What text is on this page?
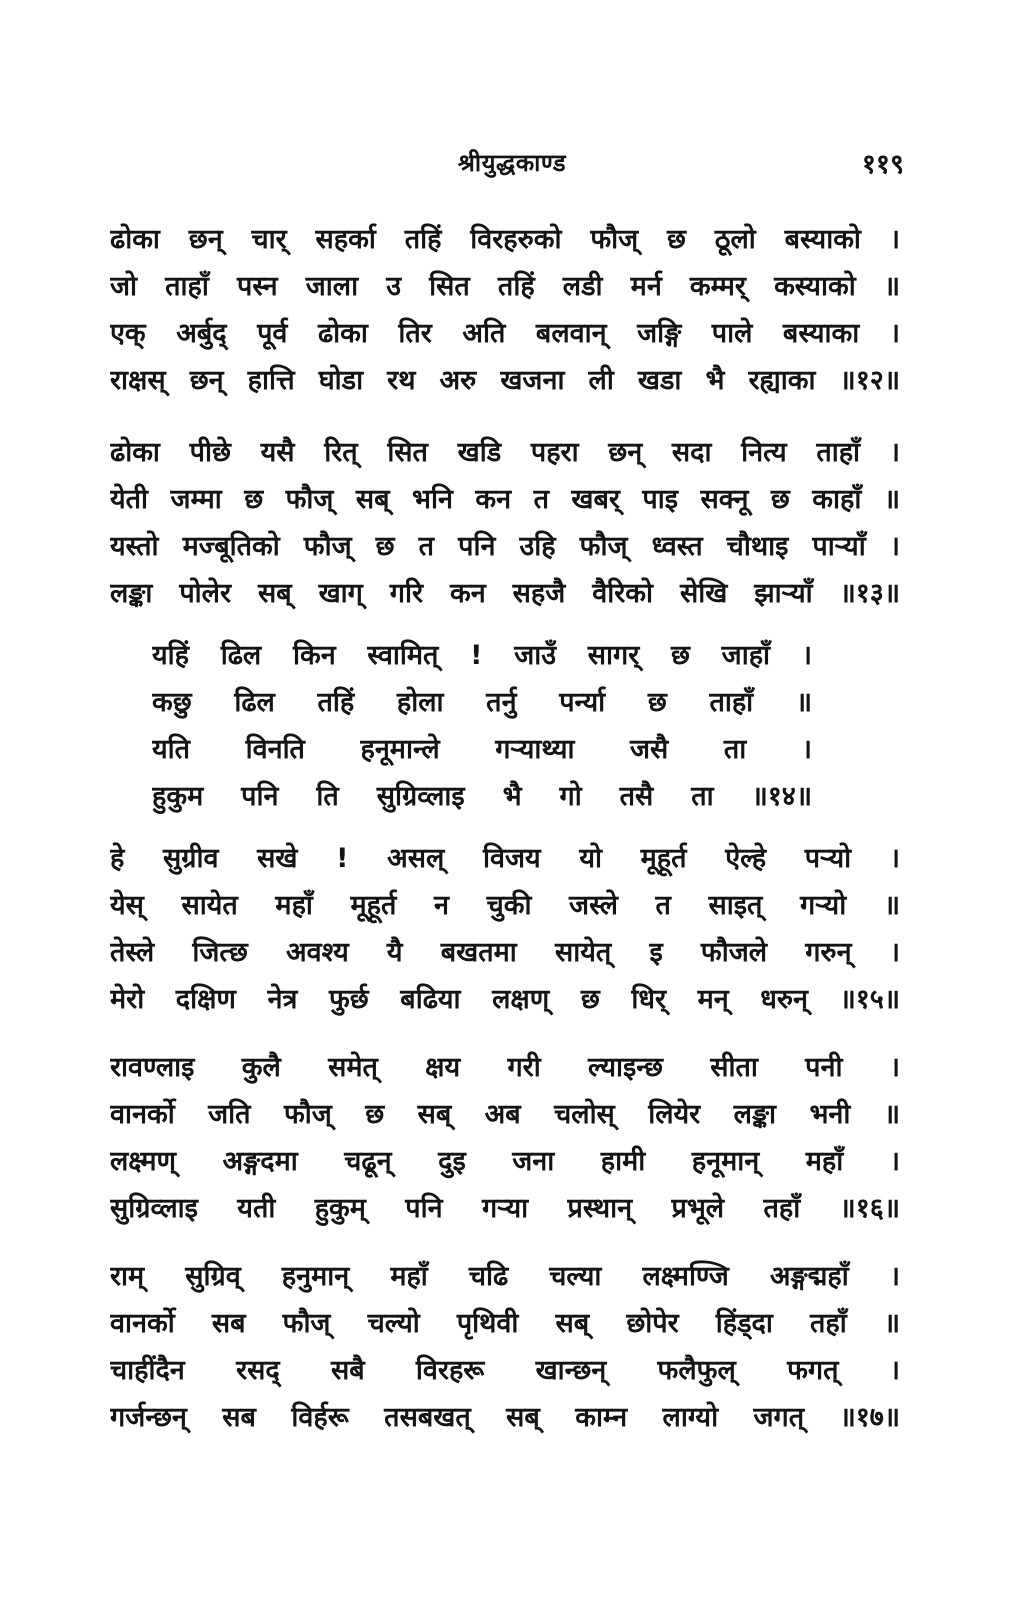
श्रीयुद्धकाण्ड	११९
ढोका छन् चार् सहर्का तहिं विरहरुको फौज् छ ठूलो बस्याको ।
जो ताहाँ पस्न जाला उ सित तहिं लडी मर्न कम्मर् कस्याको ॥
एक् अर्बुद् पूर्व ढोका तिर अति बलवान् जङ्गि पाले बस्याका ।
राक्षस् छन् हात्ति घोडा रथ अरु खजना ली खडा भै रह्याका ॥१२॥
ढोका पीछे यसै रित् सित खडि पहरा छन् सदा नित्य ताहाँ ।
येती जम्मा छ फौज् सब् भनि कन त खबर् पाइ सक्नू छ काहाँ ॥
यस्तो मज्बूतिको फौज् छ त पनि उहि फौज् ध्वस्त चौथाइ पार्‍याँ ।
लङ्का पोलेर सब् खाग् गरि कन सहजै वैरिको सेखि झार्‍याँ ॥१३॥
यहिं ढिल किन स्वामित् ! जाउँ सागर् छ जाहाँ ।
कछु ढिल तहिं होला तर्नु पर्न्या छ ताहाँ ॥
यति विनति हनूमान्ले गर्‍याथ्या जसै ता ।
हुकुम पनि ति सुग्रिव्लाइ भै गो तसै ता ॥१४॥
हे सुग्रीव सखे ! असल् विजय यो मूहूर्त ऐल्हे पर्‍यो ।
येस् सायेत महाँ मूहूर्त न चुकी जस्ले त साइत् गर्‍यो ॥
तेस्ले जित्छ अवश्य यै बखतमा सायेत् इ फौजले गरुन् ।
मेरो दक्षिण नेत्र फुर्छ बढिया लक्षण् छ धिर् मन् धरुन् ॥१५॥
रावण्लाइ कुलै समेत् क्षय गरी ल्याइन्छ सीता पनी ।
वानर्को जति फौज् छ सब् अब चलोस् लियेर लङ्का भनी ॥
लक्ष्मण् अङ्गदमा चढून् दुइ जना हामी हनूमान् महाँ ।
सुग्रिव्लाइ यती हुकुम् पनि गर्‍या प्रस्थान् प्रभूले तहाँ ॥१६॥
राम् सुग्रिव् हनुमान् महाँ चढि चल्या लक्ष्मण्जि अङ्गद्महाँ ।
वानर्को सब फौज् चल्यो पृथिवी सब् छोपेर हिंड्दा तहाँ ॥
चाहींदैन रसद् सबै विरहरू खान्छन् फलैफुल् फगत् ।
गर्जन्छन् सब विर्हरू तसबखत् सब् काम्न लाग्यो जगत् ॥१७॥
